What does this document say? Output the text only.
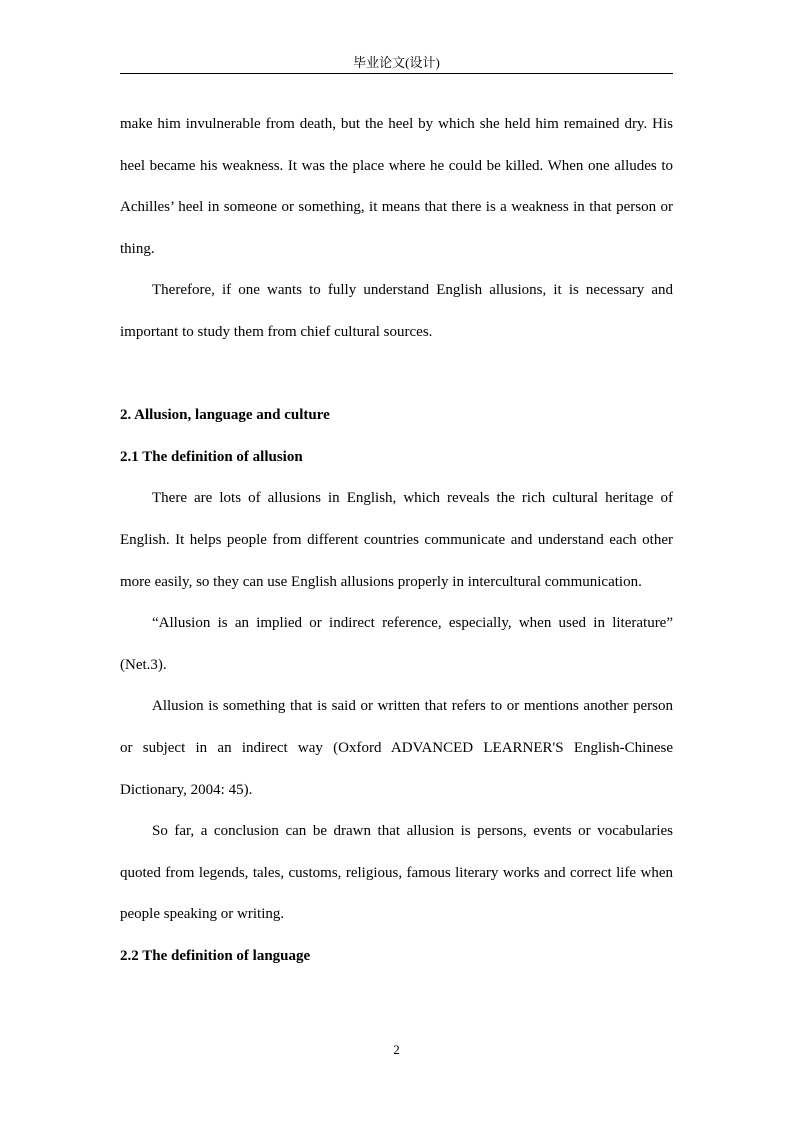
毕业论文(设计)

make him invulnerable from death, but the heel by which she held him remained dry. His heel became his weakness. It was the place where he could be killed. When one alludes to Achilles’ heel in someone or something, it means that there is a weakness in that person or thing.

Therefore, if one wants to fully understand English allusions, it is necessary and important to study them from chief cultural sources.

2. Allusion, language and culture
2.1 The definition of allusion

There are lots of allusions in English, which reveals the rich cultural heritage of English. It helps people from different countries communicate and understand each other more easily, so they can use English allusions properly in intercultural communication.

“Allusion is an implied or indirect reference, especially, when used in literature” (Net.3).

Allusion is something that is said or written that refers to or mentions another person or subject in an indirect way (Oxford ADVANCED LEARNER'S English-Chinese Dictionary, 2004: 45).

So far, a conclusion can be drawn that allusion is persons, events or vocabularies quoted from legends, tales, customs, religious, famous literary works and correct life when people speaking or writing.

2.2 The definition of language
2
